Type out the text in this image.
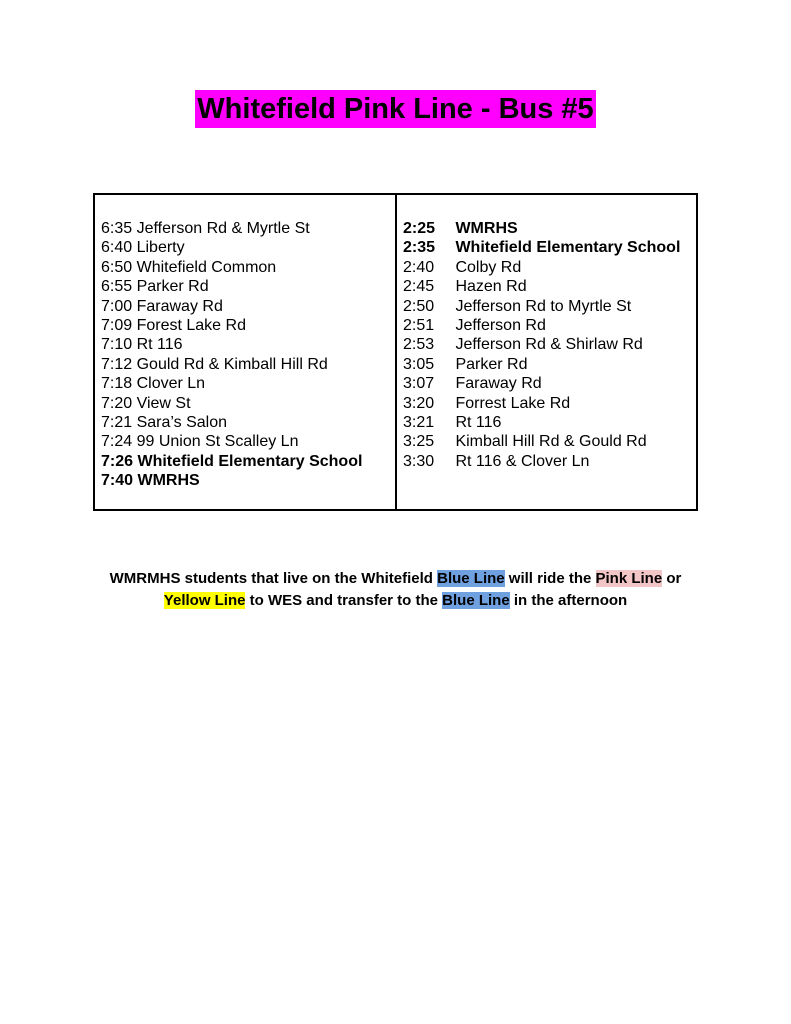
Whitefield Pink Line - Bus #5
6:35 Jefferson Rd & Myrtle St
6:40 Liberty
6:50 Whitefield Common
6:55 Parker Rd
7:00 Faraway Rd
7:09 Forest Lake Rd
7:10 Rt 116
7:12 Gould Rd & Kimball Hill Rd
7:18 Clover Ln
7:20 View St
7:21 Sara’s Salon
7:24 99 Union St Scalley Ln
7:26 Whitefield Elementary School
7:40 WMRHS
2:25 WMRHS
2:35 Whitefield Elementary School
2:40 Colby Rd
2:45 Hazen Rd
2:50 Jefferson Rd to Myrtle St
2:51 Jefferson Rd
2:53 Jefferson Rd & Shirlaw Rd
3:05 Parker Rd
3:07 Faraway Rd
3:20 Forrest Lake Rd
3:21 Rt 116
3:25 Kimball Hill Rd & Gould Rd
3:30 Rt 116 & Clover Ln
WMRMHS students that live on the Whitefield Blue Line will ride the Pink Line or
Yellow Line to WES and transfer to the Blue Line in the afternoon
